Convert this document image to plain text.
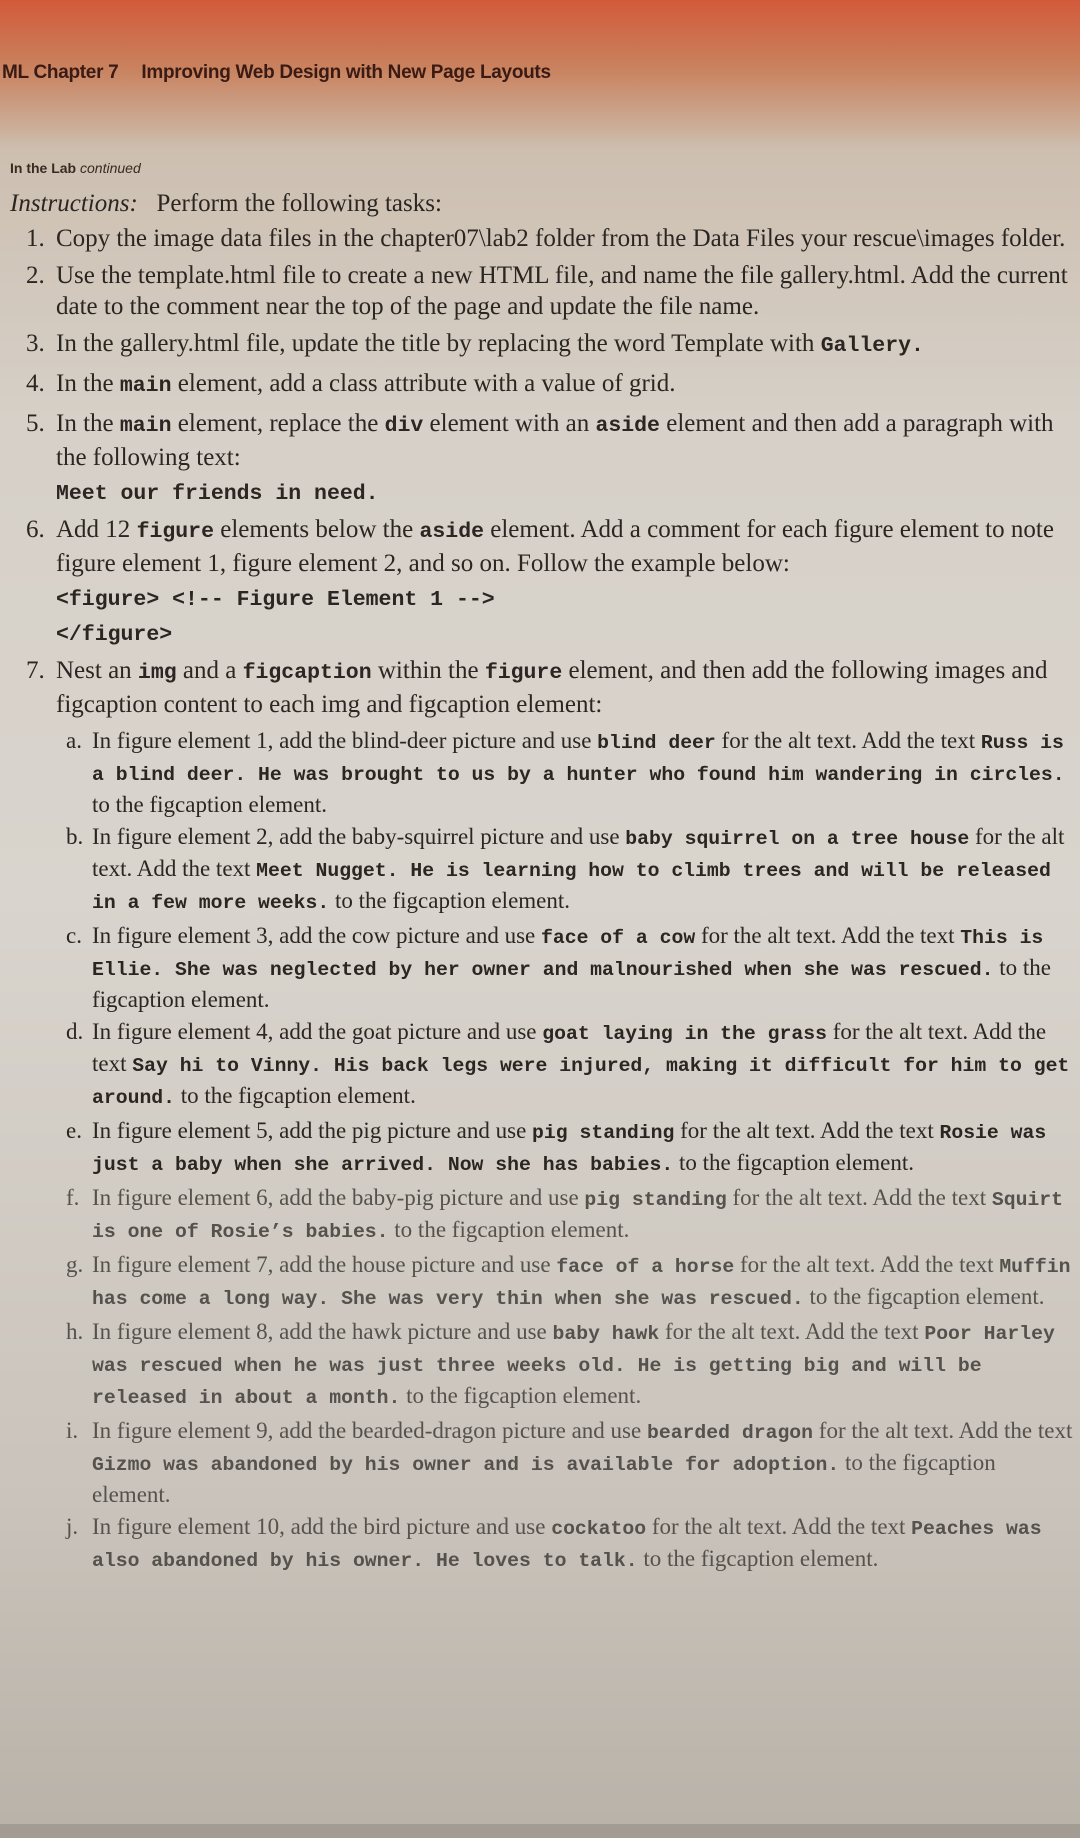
ML Chapter 7 Improving Web Design with New Page Layouts
In the Lab continued

Instructions: Perform the following tasks:

1. Copy the image data files in the chapter07\lab2 folder from the Data Files your rescue\images folder.
2. Use the template.html file to create a new HTML file, and name the file gallery.html. Add the current date to the comment near the top of the page and update the file name.
3. In the gallery.html file, update the title by replacing the word Template with Gallery.
4. In the main element, add a class attribute with a value of grid.
5. In the main element, replace the div element with an aside element and then add a paragraph with the following text:
Meet our friends in need.
6. Add 12 figure elements below the aside element. Add a comment for each figure element to note figure element 1, figure element 2, and so on. Follow the example below:
<figure> <!-- Figure Element 1 -->
</figure>
7. Nest an img and a figcaption within the figure element, and then add the following images and figcaption content to each img and figcaption element:
a. In figure element 1, add the blind-deer picture and use blind deer for the alt text. Add the text Russ is a blind deer. He was brought to us by a hunter who found him wandering in circles. to the figcaption element.
b. In figure element 2, add the baby-squirrel picture and use baby squirrel on a tree house for the alt text. Add the text Meet Nugget. He is learning how to climb trees and will be released in a few more weeks. to the figcaption element.
c. In figure element 3, add the cow picture and use face of a cow for the alt text. Add the text This is Ellie. She was neglected by her owner and malnourished when she was rescued. to the figcaption element.
d. In figure element 4, add the goat picture and use goat laying in the grass for the alt text. Add the text Say hi to Vinny. His back legs were injured, making it difficult for him to get around. to the figcaption element.
e. In figure element 5, add the pig picture and use pig standing for the alt text. Add the text Rosie was just a baby when she arrived. Now she has babies. to the figcaption element.
f. In figure element 6, add the baby-pig picture and use pig standing for the alt text. Add the text Squirt is one of Rosie’s babies. to the figcaption element.
g. In figure element 7, add the house picture and use face of a horse for the alt text. Add the text Muffin has come a long way. She was very thin when she was rescued. to the figcaption element.
h. In figure element 8, add the hawk picture and use baby hawk for the alt text. Add the text Poor Harley was rescued when he was just three weeks old. He is getting big and will be released in about a month. to the figcaption element.
i. In figure element 9, add the bearded-dragon picture and use bearded dragon for the alt text. Add the text Gizmo was abandoned by his owner and is available for adoption. to the figcaption element.
j. In figure element 10, add the bird picture and use cockatoo for the alt text. Add the text Peaches was also abandoned by his owner. He loves to talk. to the figcaption element.
